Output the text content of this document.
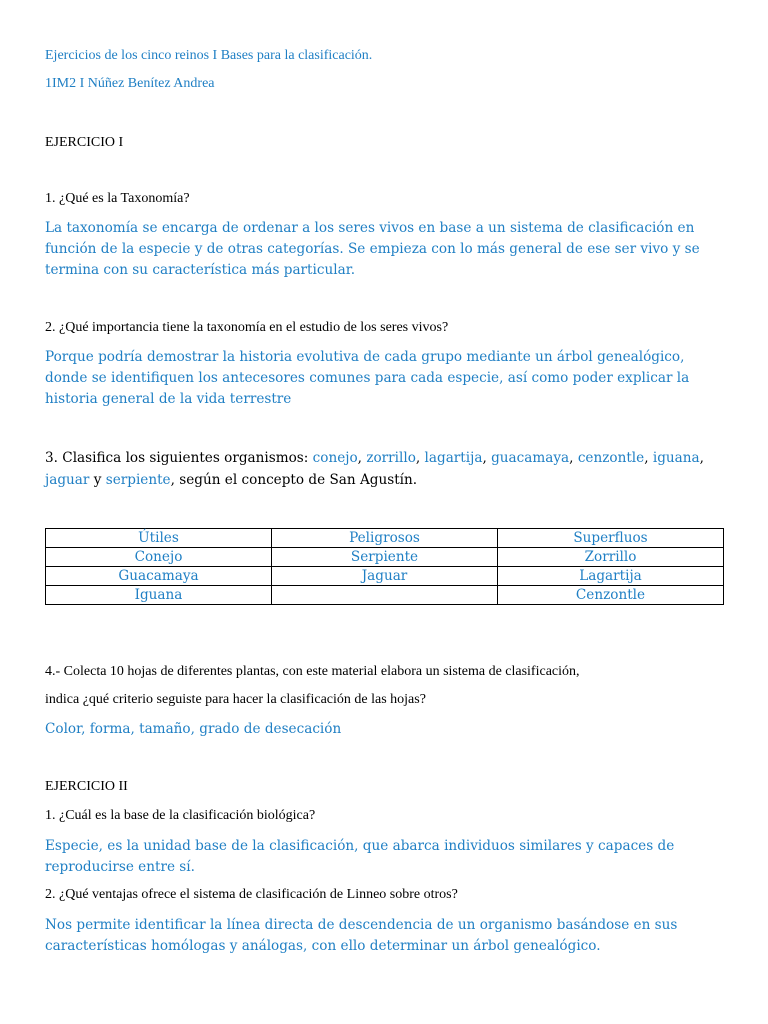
Ejercicios de los cinco reinos I Bases para la clasificación.
1IM2 I Núñez Benítez Andrea
EJERCICIO I
1. ¿Qué es la Taxonomía?
La taxonomía se encarga de ordenar a los seres vivos en base a un sistema de clasificación en función de la especie y de otras categorías. Se empieza con lo más general de ese ser vivo y se termina con su característica más particular.
2. ¿Qué importancia tiene la taxonomía en el estudio de los seres vivos?
Porque podría demostrar la historia evolutiva de cada grupo mediante un árbol genealógico, donde se identifiquen los antecesores comunes para cada especie, así como poder explicar la historia general de la vida terrestre
3. Clasifica los siguientes organismos: conejo, zorrillo, lagartija, guacamaya, cenzontle, iguana, jaguar y serpiente, según el concepto de San Agustín.
Útiles	Peligrosos	Superfluos
Conejo	Serpiente	Zorrillo
Guacamaya	Jaguar	Lagartija
Iguana		Cenzontle
4.- Colecta 10 hojas de diferentes plantas, con este material elabora un sistema de clasificación,
indica ¿qué criterio seguiste para hacer la clasificación de las hojas?
Color, forma, tamaño, grado de desecación
EJERCICIO II
1. ¿Cuál es la base de la clasificación biológica?
Especie, es la unidad base de la clasificación, que abarca individuos similares y capaces de reproducirse entre sí.
2. ¿Qué ventajas ofrece el sistema de clasificación de Linneo sobre otros?
Nos permite identificar la línea directa de descendencia de un organismo basándose en sus características homólogas y análogas, con ello determinar un árbol genealógico.
